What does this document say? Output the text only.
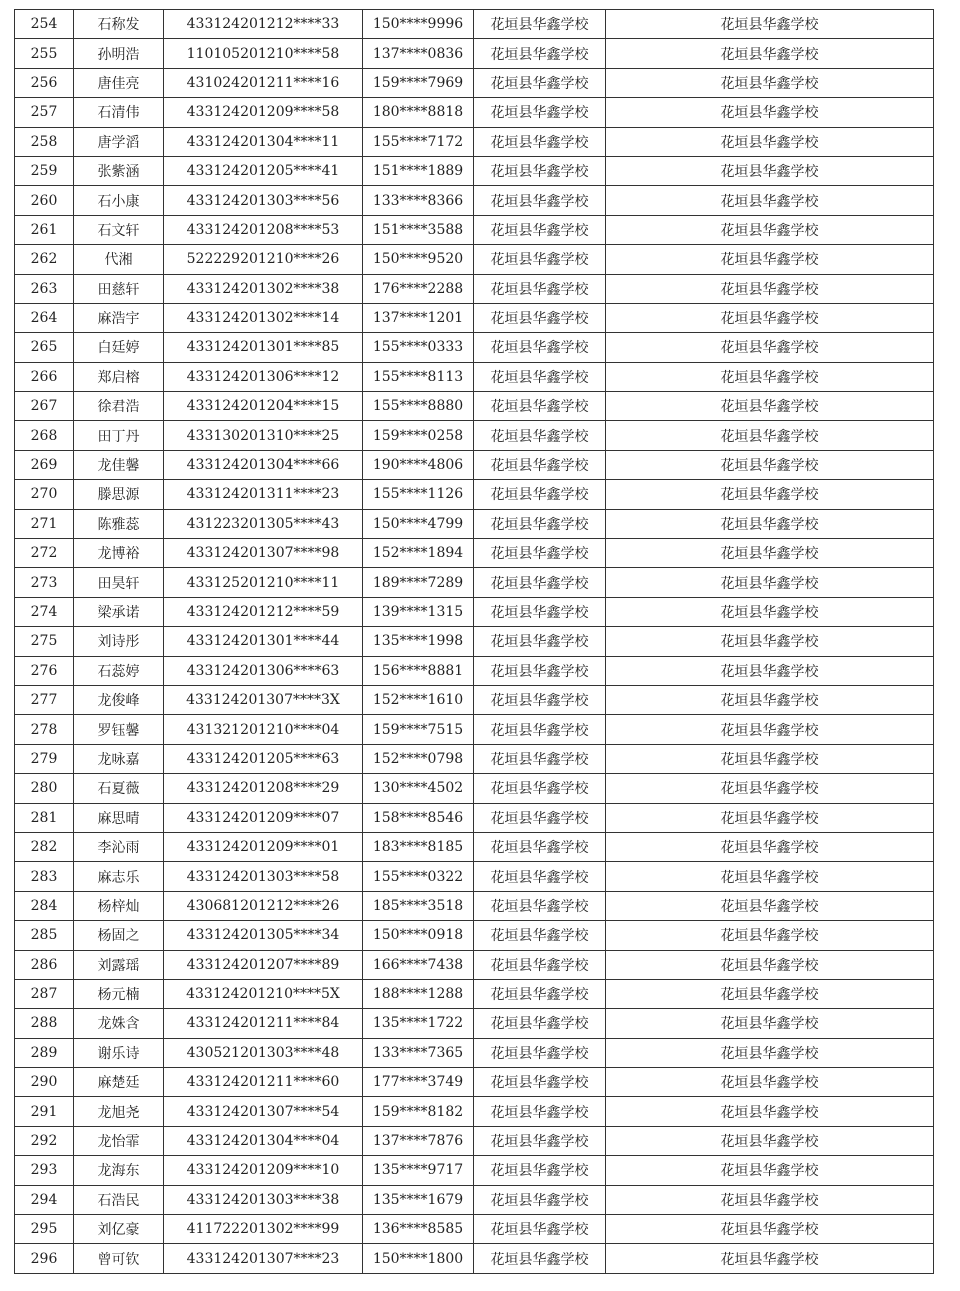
254	石称发	433124201212****33	150****9996	花垣县华鑫学校	花垣县华鑫学校
255	孙明浩	110105201210****58	137****0836	花垣县华鑫学校	花垣县华鑫学校
256	唐佳亮	431024201211****16	159****7969	花垣县华鑫学校	花垣县华鑫学校
257	石清伟	433124201209****58	180****8818	花垣县华鑫学校	花垣县华鑫学校
258	唐学滔	433124201304****11	155****7172	花垣县华鑫学校	花垣县华鑫学校
259	张紫涵	433124201205****41	151****1889	花垣县华鑫学校	花垣县华鑫学校
260	石小康	433124201303****56	133****8366	花垣县华鑫学校	花垣县华鑫学校
261	石文轩	433124201208****53	151****3588	花垣县华鑫学校	花垣县华鑫学校
262	代湘	522229201210****26	150****9520	花垣县华鑫学校	花垣县华鑫学校
263	田慈轩	433124201302****38	176****2288	花垣县华鑫学校	花垣县华鑫学校
264	麻浩宇	433124201302****14	137****1201	花垣县华鑫学校	花垣县华鑫学校
265	白廷婷	433124201301****85	155****0333	花垣县华鑫学校	花垣县华鑫学校
266	郑启榕	433124201306****12	155****8113	花垣县华鑫学校	花垣县华鑫学校
267	徐君浩	433124201204****15	155****8880	花垣县华鑫学校	花垣县华鑫学校
268	田丁丹	433130201310****25	159****0258	花垣县华鑫学校	花垣县华鑫学校
269	龙佳馨	433124201304****66	190****4806	花垣县华鑫学校	花垣县华鑫学校
270	滕思源	433124201311****23	155****1126	花垣县华鑫学校	花垣县华鑫学校
271	陈雅蕊	431223201305****43	150****4799	花垣县华鑫学校	花垣县华鑫学校
272	龙博裕	433124201307****98	152****1894	花垣县华鑫学校	花垣县华鑫学校
273	田昊轩	433125201210****11	189****7289	花垣县华鑫学校	花垣县华鑫学校
274	梁承诺	433124201212****59	139****1315	花垣县华鑫学校	花垣县华鑫学校
275	刘诗彤	433124201301****44	135****1998	花垣县华鑫学校	花垣县华鑫学校
276	石蕊婷	433124201306****63	156****8881	花垣县华鑫学校	花垣县华鑫学校
277	龙俊峰	433124201307****3X	152****1610	花垣县华鑫学校	花垣县华鑫学校
278	罗钰馨	431321201210****04	159****7515	花垣县华鑫学校	花垣县华鑫学校
279	龙咏嘉	433124201205****63	152****0798	花垣县华鑫学校	花垣县华鑫学校
280	石夏薇	433124201208****29	130****4502	花垣县华鑫学校	花垣县华鑫学校
281	麻思晴	433124201209****07	158****8546	花垣县华鑫学校	花垣县华鑫学校
282	李沁雨	433124201209****01	183****8185	花垣县华鑫学校	花垣县华鑫学校
283	麻志乐	433124201303****58	155****0322	花垣县华鑫学校	花垣县华鑫学校
284	杨梓灿	430681201212****26	185****3518	花垣县华鑫学校	花垣县华鑫学校
285	杨固之	433124201305****34	150****0918	花垣县华鑫学校	花垣县华鑫学校
286	刘露瑶	433124201207****89	166****7438	花垣县华鑫学校	花垣县华鑫学校
287	杨元楠	433124201210****5X	188****1288	花垣县华鑫学校	花垣县华鑫学校
288	龙姝含	433124201211****84	135****1722	花垣县华鑫学校	花垣县华鑫学校
289	谢乐诗	430521201303****48	133****7365	花垣县华鑫学校	花垣县华鑫学校
290	麻楚廷	433124201211****60	177****3749	花垣县华鑫学校	花垣县华鑫学校
291	龙旭尧	433124201307****54	159****8182	花垣县华鑫学校	花垣县华鑫学校
292	龙怡霏	433124201304****04	137****7876	花垣县华鑫学校	花垣县华鑫学校
293	龙海东	433124201209****10	135****9717	花垣县华鑫学校	花垣县华鑫学校
294	石浩民	433124201303****38	135****1679	花垣县华鑫学校	花垣县华鑫学校
295	刘亿豪	411722201302****99	136****8585	花垣县华鑫学校	花垣县华鑫学校
296	曾可钦	433124201307****23	150****1800	花垣县华鑫学校	花垣县华鑫学校
